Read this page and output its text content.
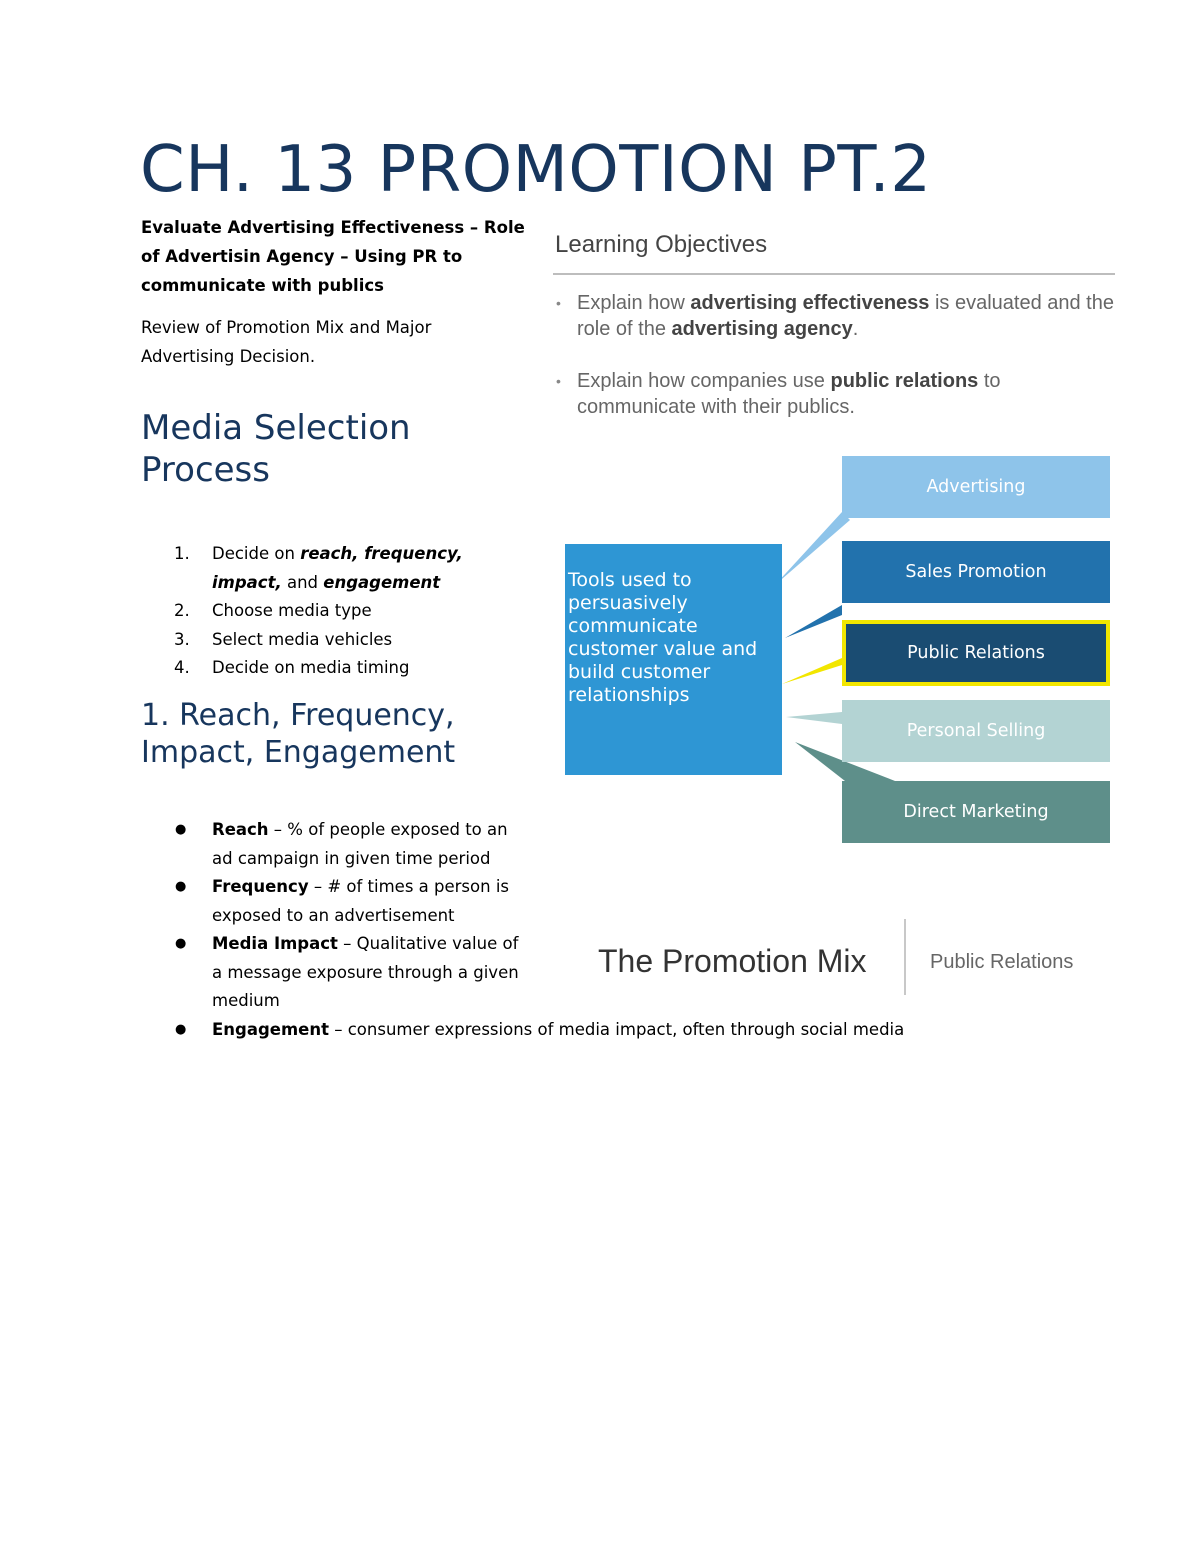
CH. 13 PROMOTION PT.2
Evaluate Advertising Effectiveness – Role of Advertisin Agency – Using PR to communicate with publics
Review of Promotion Mix and Major Advertising Decision.
Media Selection Process
1. Decide on reach, frequency, impact, and engagement
2. Choose media type
3. Select media vehicles
4. Decide on media timing
1. Reach, Frequency, Impact, Engagement
● Reach – % of people exposed to an ad campaign in given time period
● Frequency – # of times a person is exposed to an advertisement
● Media Impact – Qualitative value of a message exposure through a given medium
● Engagement – consumer expressions of media impact, often through social media
Learning Objectives
• Explain how advertising effectiveness is evaluated and the role of the advertising agency.
• Explain how companies use public relations to communicate with their publics.
Tools used to persuasively communicate customer value and build customer relationships
Advertising
Sales Promotion
Public Relations
Personal Selling
Direct Marketing
The Promotion Mix	Public Relations
